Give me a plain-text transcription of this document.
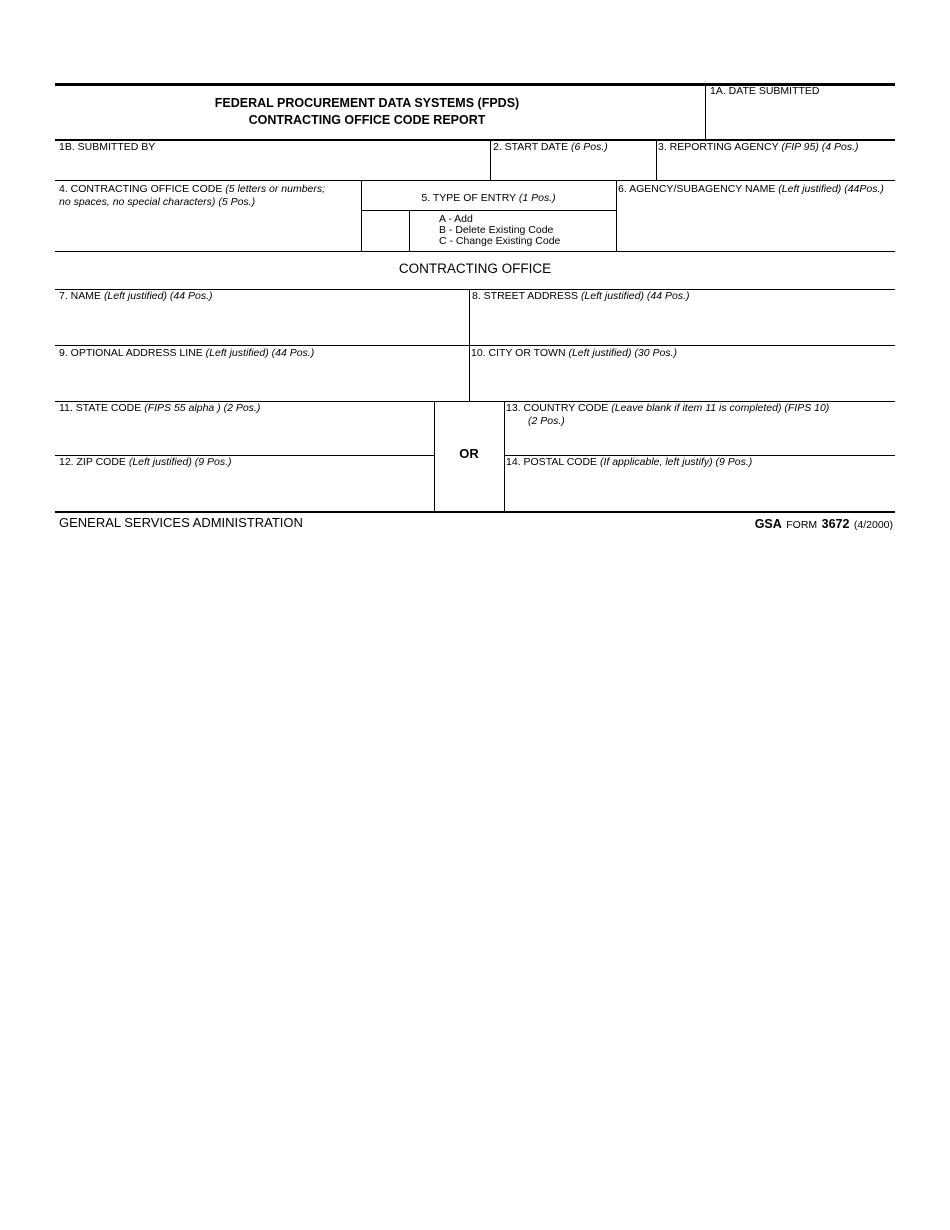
FEDERAL PROCUREMENT DATA SYSTEMS (FPDS)
CONTRACTING OFFICE CODE REPORT
1A. DATE SUBMITTED
1B. SUBMITTED BY	2. START DATE (6 Pos.)	3. REPORTING AGENCY (FIP 95) (4 Pos.)
4. CONTRACTING OFFICE CODE (5 letters or numbers;
no spaces, no special characters) (5 Pos.)	5. TYPE OF ENTRY (1 Pos.)
A - Add
B - Delete Existing Code
C - Change Existing Code
6. AGENCY/SUBAGENCY NAME (Left justified) (44Pos.)
CONTRACTING OFFICE
7. NAME (Left justified) (44 Pos.)	8. STREET ADDRESS (Left justified) (44 Pos.)
9. OPTIONAL ADDRESS LINE (Left justified) (44 Pos.)	10. CITY OR TOWN (Left justified) (30 Pos.)
11. STATE CODE (FIPS 55 alpha ) (2 Pos.)
OR
13. COUNTRY CODE (Leave blank if item 11 is completed) (FIPS 10)
(2 Pos.)
12. ZIP CODE (Left justified) (9 Pos.)	14. POSTAL CODE (If applicable, left justify) (9 Pos.)
GENERAL SERVICES ADMINISTRATION	GSA FORM 3672 (4/2000)
